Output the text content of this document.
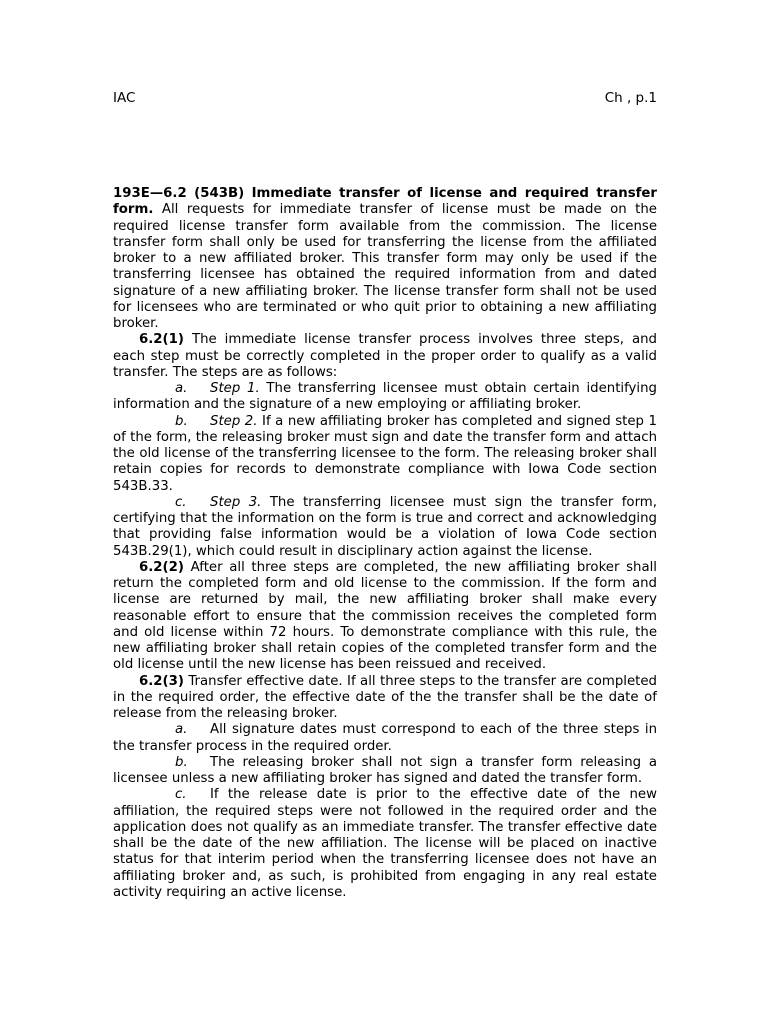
IAC	Ch , p.1

193E—6.2 (543B) Immediate transfer of license and required transfer form. All requests for immediate transfer of license must be made on the required license transfer form available from the commission. The license transfer form shall only be used for transferring the license from the affiliated broker to a new affiliated broker. This transfer form may only be used if the transferring licensee has obtained the required information from and dated signature of a new affiliating broker. The license transfer form shall not be used for licensees who are terminated or who quit prior to obtaining a new affiliating broker.

6.2(1) The immediate license transfer process involves three steps, and each step must be correctly completed in the proper order to qualify as a valid transfer. The steps are as follows:

a. Step 1. The transferring licensee must obtain certain identifying information and the signature of a new employing or affiliating broker.

b. Step 2. If a new affiliating broker has completed and signed step 1 of the form, the releasing broker must sign and date the transfer form and attach the old license of the transferring licensee to the form. The releasing broker shall retain copies for records to demonstrate compliance with Iowa Code section 543B.33.

c. Step 3. The transferring licensee must sign the transfer form, certifying that the information on the form is true and correct and acknowledging that providing false information would be a violation of Iowa Code section 543B.29(1), which could result in disciplinary action against the license.

6.2(2) After all three steps are completed, the new affiliating broker shall return the completed form and old license to the commission. If the form and license are returned by mail, the new affiliating broker shall make every reasonable effort to ensure that the commission receives the completed form and old license within 72 hours. To demonstrate compliance with this rule, the new affiliating broker shall retain copies of the completed transfer form and the old license until the new license has been reissued and received.

6.2(3) Transfer effective date. If all three steps to the transfer are completed in the required order, the effective date of the the transfer shall be the date of release from the releasing broker.

a. All signature dates must correspond to each of the three steps in the transfer process in the required order.

b. The releasing broker shall not sign a transfer form releasing a licensee unless a new affiliating broker has signed and dated the transfer form.

c. If the release date is prior to the effective date of the new affiliation, the required steps were not followed in the required order and the application does not qualify as an immediate transfer. The transfer effective date shall be the date of the new affiliation. The license will be placed on inactive status for that interim period when the transferring licensee does not have an affiliating broker and, as such, is prohibited from engaging in any real estate activity requiring an active license.
